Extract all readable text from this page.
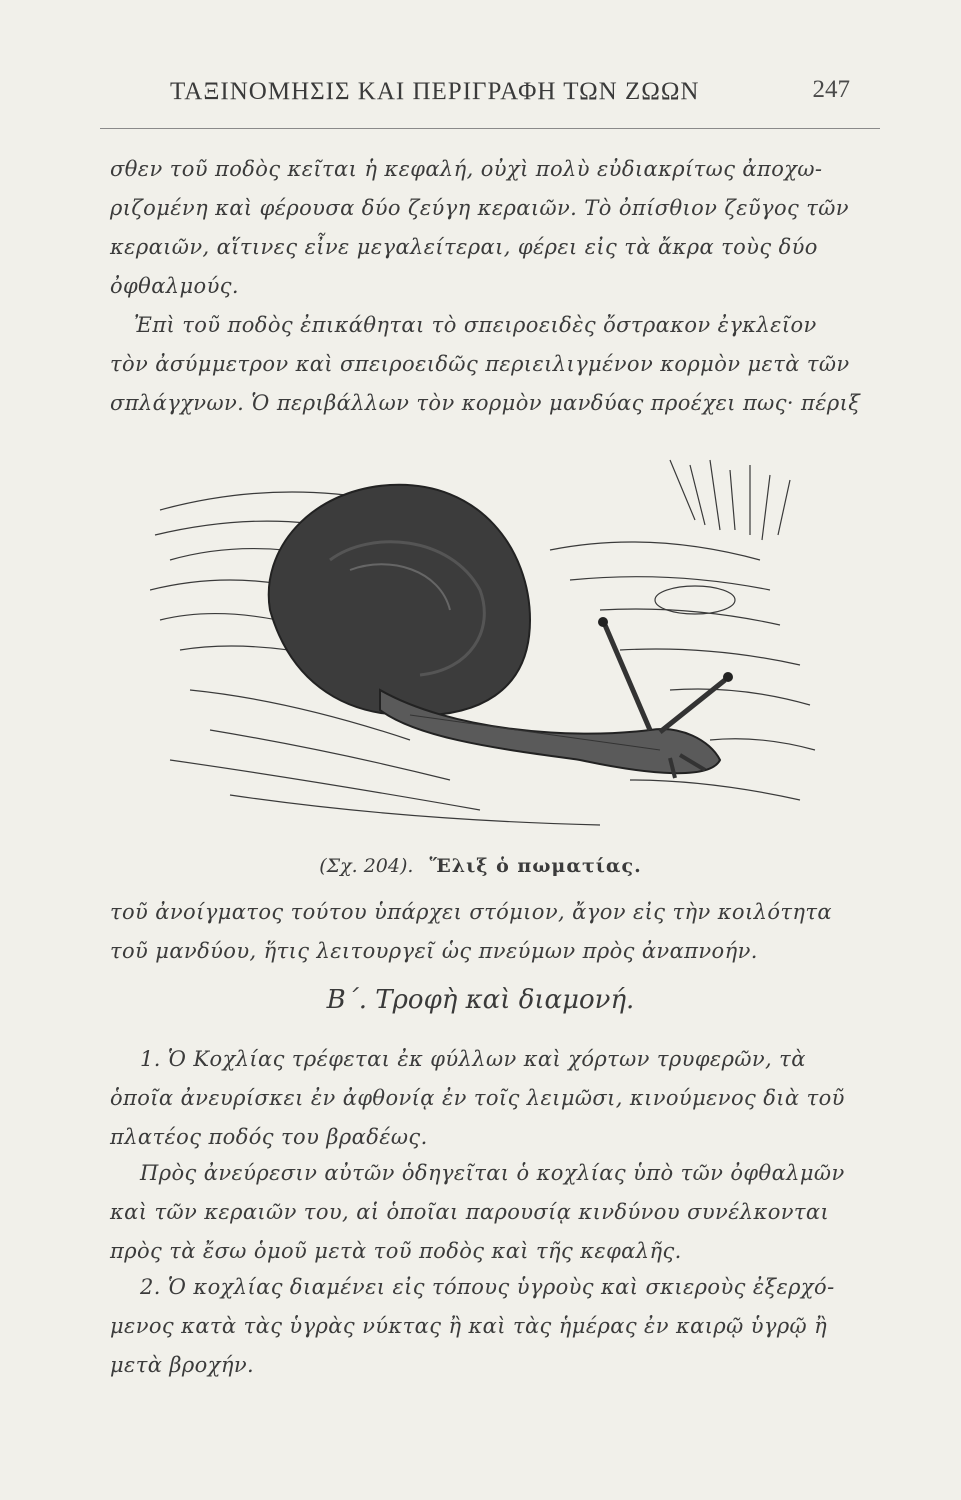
ΤΑΞΙΝΟΜΗΣΙΣ ΚΑΙ ΠΕΡΙΓΡΑΦΗ ΤΩΝ ΖΩΩΝ	247
σθεν τοῦ ποδὸς κεῖται ἡ κεφαλή, οὐχὶ πολὺ εὐδιακρίτως ἀποχω-
ριζομένη καὶ φέρουσα δύο ζεύγη κεραιῶν. Τὸ ὀπίσθιον ζεῦγος τῶν
κεραιῶν, αἵτινες εἶνε μεγαλείτεραι, φέρει εἰς τὰ ἄκρα τοὺς δύο
ὀφθαλμούς.
Ἐπὶ τοῦ ποδὸς ἐπικάθηται τὸ σπειροειδὲς ὄστρακον ἐγκλεῖον
τὸν ἀσύμμετρον καὶ σπειροειδῶς περιειλιγμένον κορμὸν μετὰ τῶν
σπλάγχνων. Ὁ περιβάλλων τὸν κορμὸν μανδύας προέχει πως· πέριξ
(Σχ. 204). Ἕλιξ ὁ πωματίας.
τοῦ ἀνοίγματος τούτου ὑπάρχει στόμιον, ἄγον εἰς τὴν κοιλότητα
τοῦ μανδύου, ἥτις λειτουργεῖ ὡς πνεύμων πρὸς ἀναπνοήν.
Β΄. Τροφὴ καὶ διαμονή.
1. Ὁ Κοχλίας τρέφεται ἐκ φύλλων καὶ χόρτων τρυφερῶν, τὰ
ὁποῖα ἀνευρίσκει ἐν ἀφθονίᾳ ἐν τοῖς λειμῶσι, κινούμενος διὰ τοῦ
πλατέος ποδός του βραδέως.
Πρὸς ἀνεύρεσιν αὐτῶν ὁδηγεῖται ὁ κοχλίας ὑπὸ τῶν ὀφθαλμῶν
καὶ τῶν κεραιῶν του, αἱ ὁποῖαι παρουσίᾳ κινδύνου συνέλκονται
πρὸς τὰ ἔσω ὁμοῦ μετὰ τοῦ ποδὸς καὶ τῆς κεφαλῆς.
2. Ὁ κοχλίας διαμένει εἰς τόπους ὑγροὺς καὶ σκιεροὺς ἐξερχό-
μενος κατὰ τὰς ὑγρὰς νύκτας ἢ καὶ τὰς ἡμέρας ἐν καιρῷ ὑγρῷ ἢ
μετὰ βροχήν.
